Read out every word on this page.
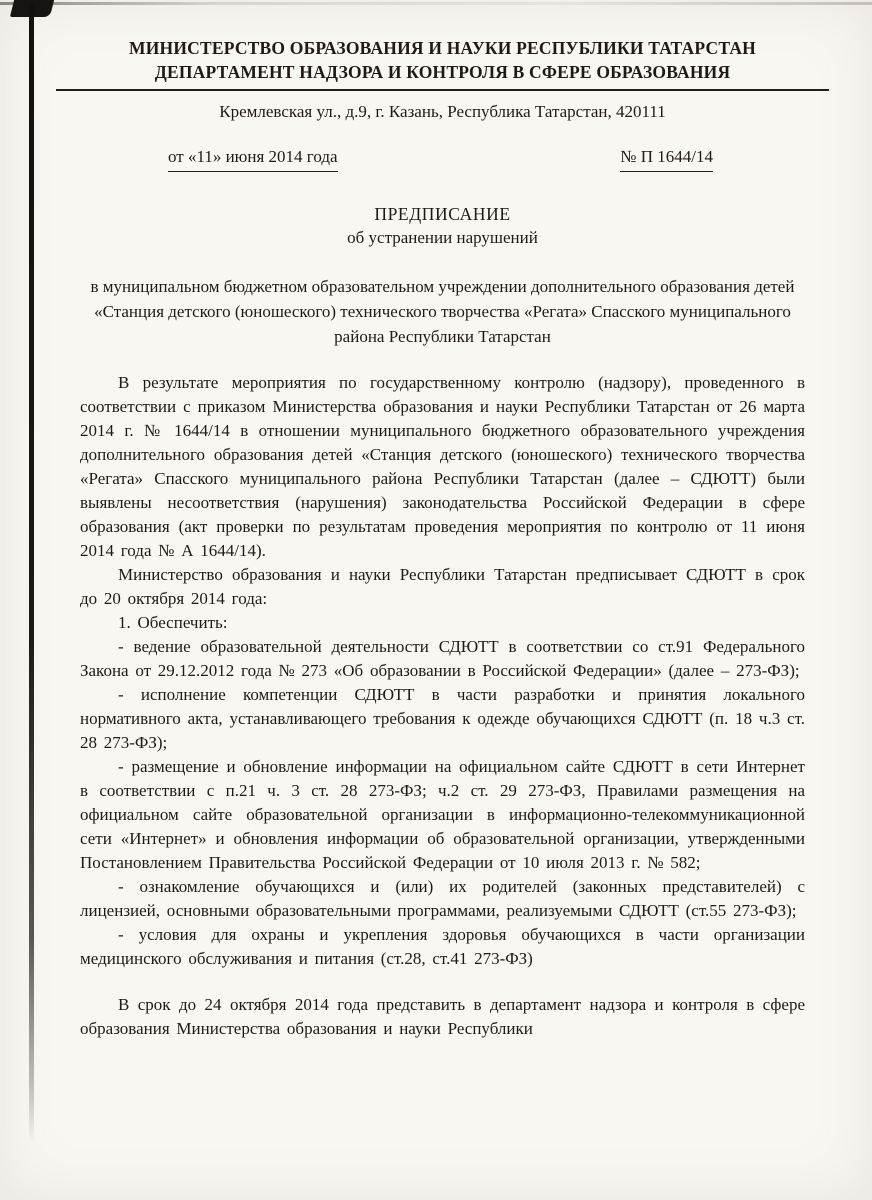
МИНИСТЕРСТВО ОБРАЗОВАНИЯ И НАУКИ РЕСПУБЛИКИ ТАТАРСТАН
ДЕПАРТАМЕНТ НАДЗОРА И КОНТРОЛЯ В СФЕРЕ ОБРАЗОВАНИЯ
Кремлевская ул., д.9, г. Казань, Республика Татарстан, 420111
от «11» июня 2014 года	№ П 1644/14
ПРЕДПИСАНИЕ
об устранении нарушений
в муниципальном бюджетном образовательном учреждении дополнительного образования детей «Станция детского (юношеского) технического творчества «Регата» Спасского муниципального района Республики Татарстан

В результате мероприятия по государственному контролю (надзору), проведенного в соответствии с приказом Министерства образования и науки Республики Татарстан от 26 марта 2014 г. № 1644/14 в отношении муниципального бюджетного образовательного учреждения дополнительного образования детей «Станция детского (юношеского) технического творчества «Регата» Спасского муниципального района Республики Татарстан (далее – СДЮТТ) были выявлены несоответствия (нарушения) законодательства Российской Федерации в сфере образования (акт проверки по результатам проведения мероприятия по контролю от 11 июня 2014 года № А 1644/14).

Министерство образования и науки Республики Татарстан предписывает СДЮТТ в срок до 20 октября 2014 года:

1. Обеспечить:

- ведение образовательной деятельности СДЮТТ в соответствии со ст.91 Федерального Закона от 29.12.2012 года № 273 «Об образовании в Российской Федерации» (далее – 273-ФЗ);

- исполнение компетенции СДЮТТ в части разработки и принятия локального нормативного акта, устанавливающего требования к одежде обучающихся СДЮТТ (п. 18 ч.3 ст. 28 273-ФЗ);

- размещение и обновление информации на официальном сайте СДЮТТ в сети Интернет в соответствии с п.21 ч. 3 ст. 28 273-ФЗ; ч.2 ст. 29 273-ФЗ, Правилами размещения на официальном сайте образовательной организации в информационно-телекоммуникационной сети «Интернет» и обновления информации об образовательной организации, утвержденными Постановлением Правительства Российской Федерации от 10 июля 2013 г. № 582;

- ознакомление обучающихся и (или) их родителей (законных представителей) с лицензией, основными образовательными программами, реализуемыми СДЮТТ (ст.55 273-ФЗ);

- условия для охраны и укрепления здоровья обучающихся в части организации медицинского обслуживания и питания (ст.28, ст.41 273-ФЗ)

В срок до 24 октября 2014 года представить в департамент надзора и контроля в сфере образования Министерства образования и науки Республики
